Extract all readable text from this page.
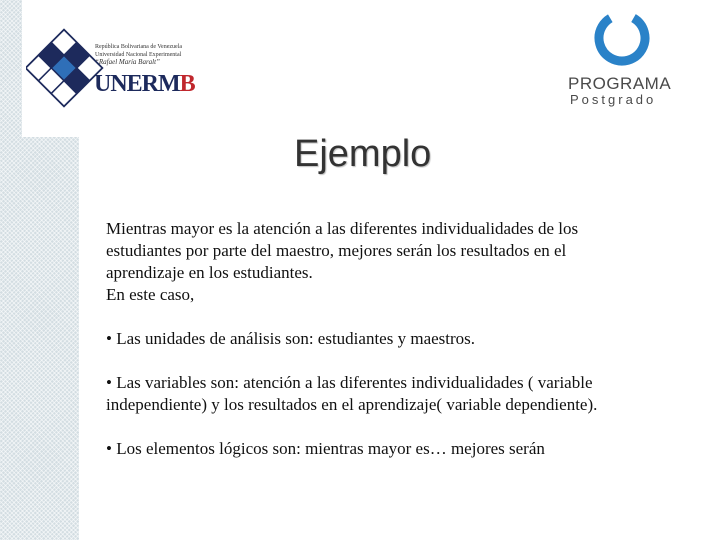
República Bolivariana de Venezuela
Universidad Nacional Experimental
“Rafael María Baralt”
UNERMB	PROGRAMA
Postgrado
Ejemplo

Mientras mayor es la atención a las diferentes individualidades de los

estudiantes por parte del maestro, mejores serán los resultados en el

aprendizaje en los estudiantes.

En este caso,

• Las unidades de análisis son: estudiantes y maestros.

• Las variables son: atención a las diferentes individualidades ( variable

independiente) y los resultados en el aprendizaje( variable dependiente).

• Los elementos lógicos son: mientras mayor es… mejores serán
